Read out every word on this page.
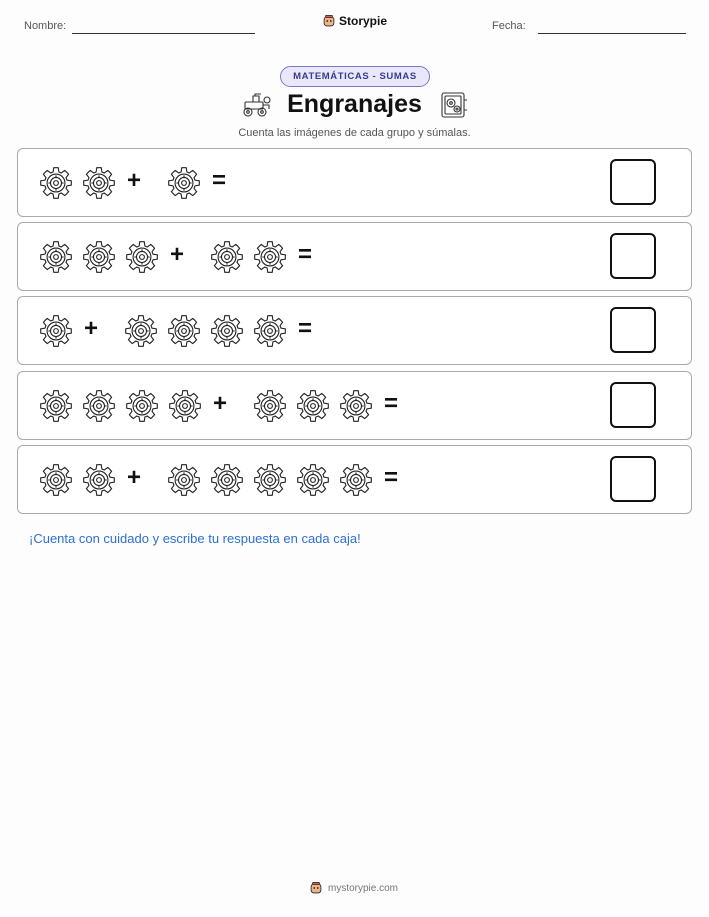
Nombre:	Storypie	Fecha:
MATEMÁTICAS - SUMAS
Engranajes
Cuenta las imágenes de cada grupo y súmalas.
+	=
+	=
+	=
+	=
+	=
¡Cuenta con cuidado y escribe tu respuesta en cada caja!
mystorypie.com
